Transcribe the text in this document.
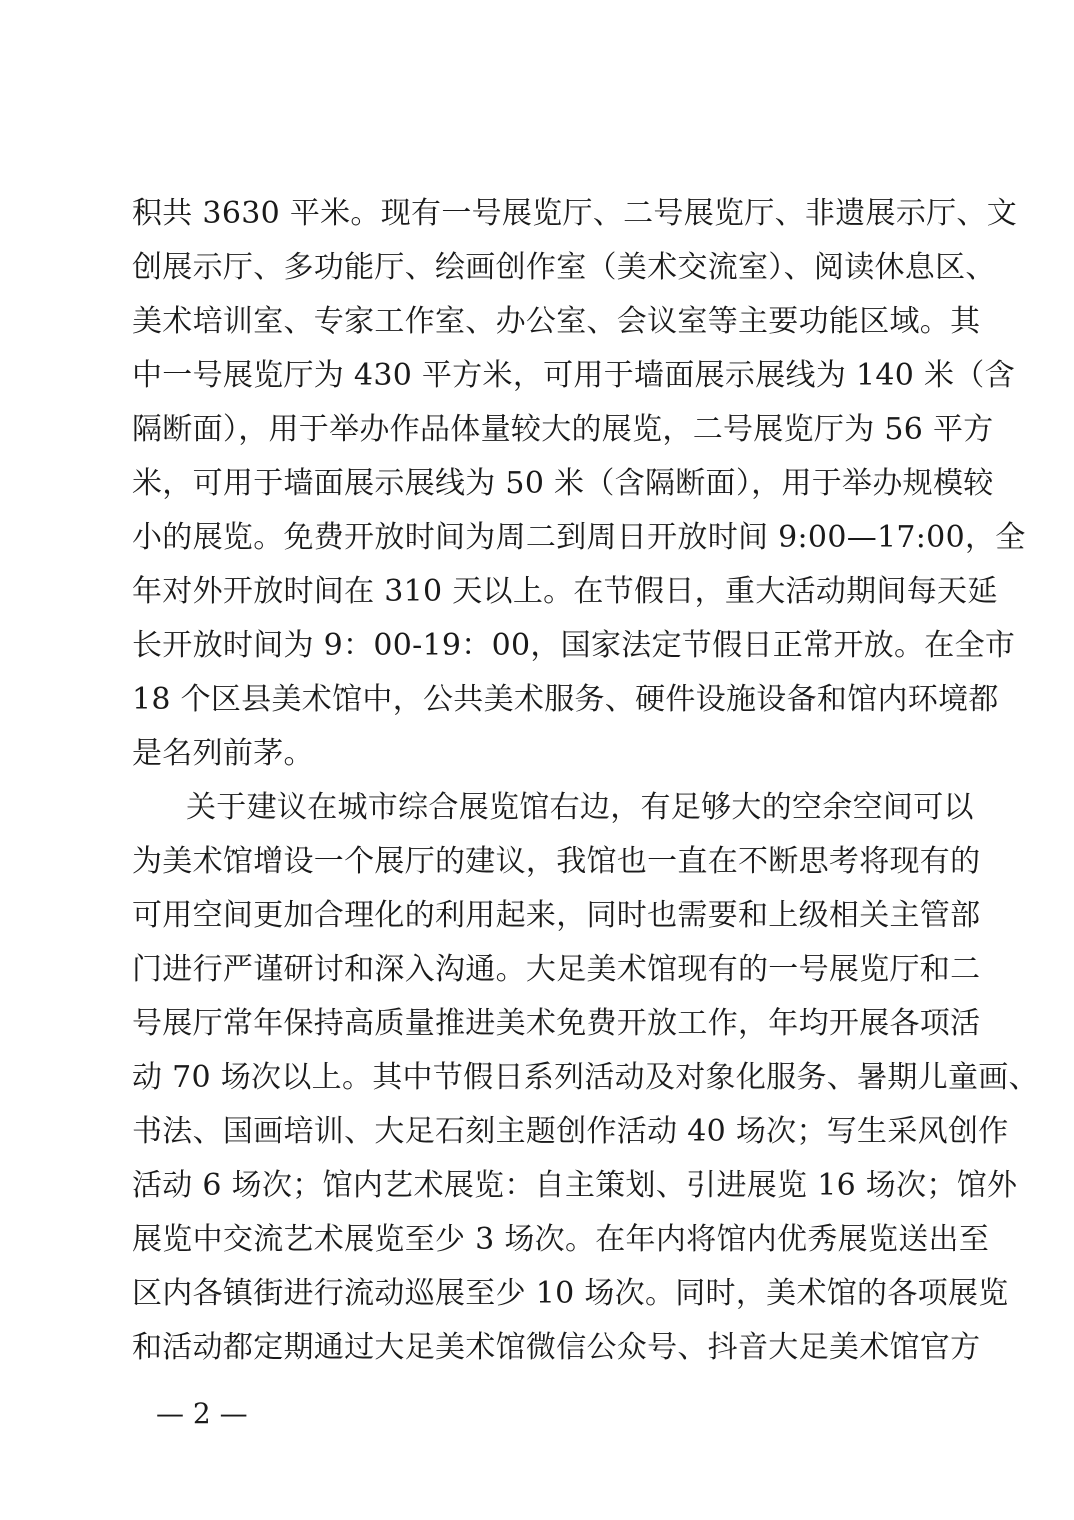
积共 3630 平米。现有一号展览厅、二号展览厅、非遗展示厅、文
创展示厅、多功能厅、绘画创作室（美术交流室）、阅读休息区、
美术培训室、专家工作室、办公室、会议室等主要功能区域。其
中一号展览厅为 430 平方米，可用于墙面展示展线为 140 米（含
隔断面），用于举办作品体量较大的展览，二号展览厅为 56 平方
米，可用于墙面展示展线为 50 米（含隔断面），用于举办规模较
小的展览。免费开放时间为周二到周日开放时间 9:00—17:00，全
年对外开放时间在 310 天以上。在节假日，重大活动期间每天延
长开放时间为 9：00-19：00，国家法定节假日正常开放。在全市
18 个区县美术馆中，公共美术服务、硬件设施设备和馆内环境都
是名列前茅。
关于建议在城市综合展览馆右边，有足够大的空余空间可以
为美术馆增设一个展厅的建议，我馆也一直在不断思考将现有的
可用空间更加合理化的利用起来，同时也需要和上级相关主管部
门进行严谨研讨和深入沟通。大足美术馆现有的一号展览厅和二
号展厅常年保持高质量推进美术免费开放工作，年均开展各项活
动 70 场次以上。其中节假日系列活动及对象化服务、暑期儿童画、
书法、国画培训、大足石刻主题创作活动 40 场次；写生采风创作
活动 6 场次；馆内艺术展览：自主策划、引进展览 16 场次；馆外
展览中交流艺术展览至少 3 场次。在年内将馆内优秀展览送出至
区内各镇街进行流动巡展至少 10 场次。同时，美术馆的各项展览
和活动都定期通过大足美术馆微信公众号、抖音大足美术馆官方
— 2 —
